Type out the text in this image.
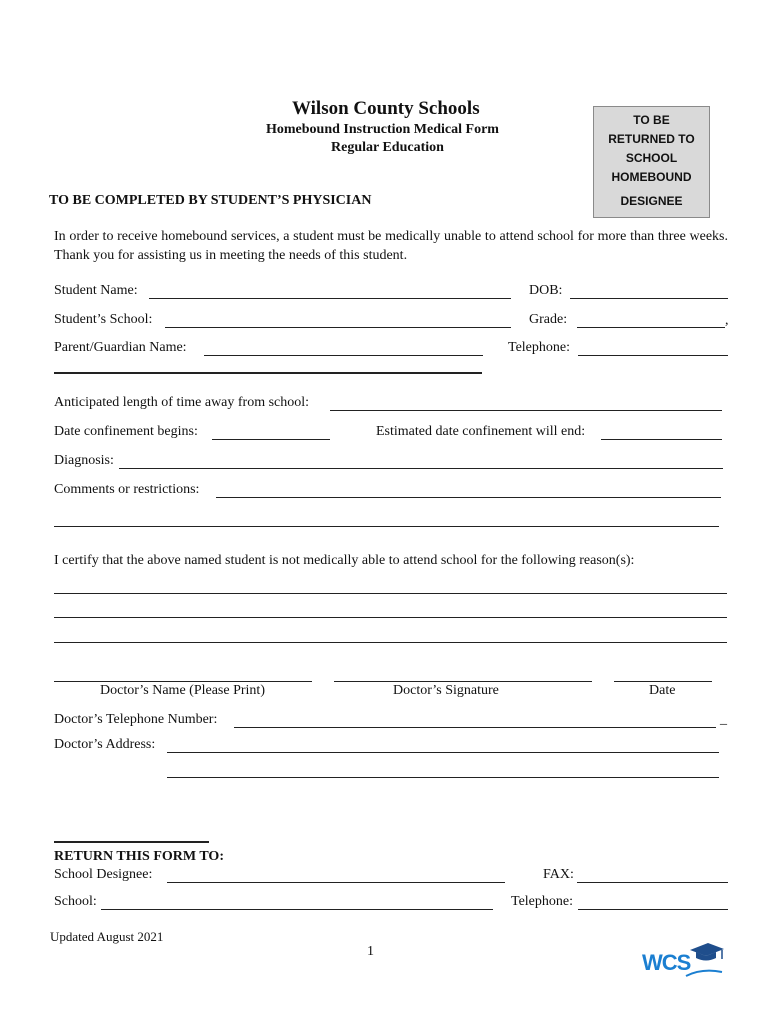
Wilson County Schools
Homebound Instruction Medical Form
Regular Education
TO BE
RETURNED TO
SCHOOL
HOMEBOUND
DESIGNEE
TO BE COMPLETED BY STUDENT’S PHYSICIAN
In order to receive homebound services, a student must be medically unable to attend school for more than three weeks. Thank you for assisting us in meeting the needs of this student.
Student Name:	DOB:
Student’s School:	Grade:	,
Parent/Guardian Name:	Telephone:
Anticipated length of time away from school:
Date confinement begins:	Estimated date confinement will end:
Diagnosis:
Comments or restrictions:
I certify that the above named student is not medically able to attend school for the following reason(s):
Doctor’s Name (Please Print)	Doctor’s Signature	Date
Doctor’s Telephone Number:	_
Doctor’s Address:
RETURN THIS FORM TO:
School Designee:	FAX:
School:	Telephone:
Updated August 2021
1	WCS
